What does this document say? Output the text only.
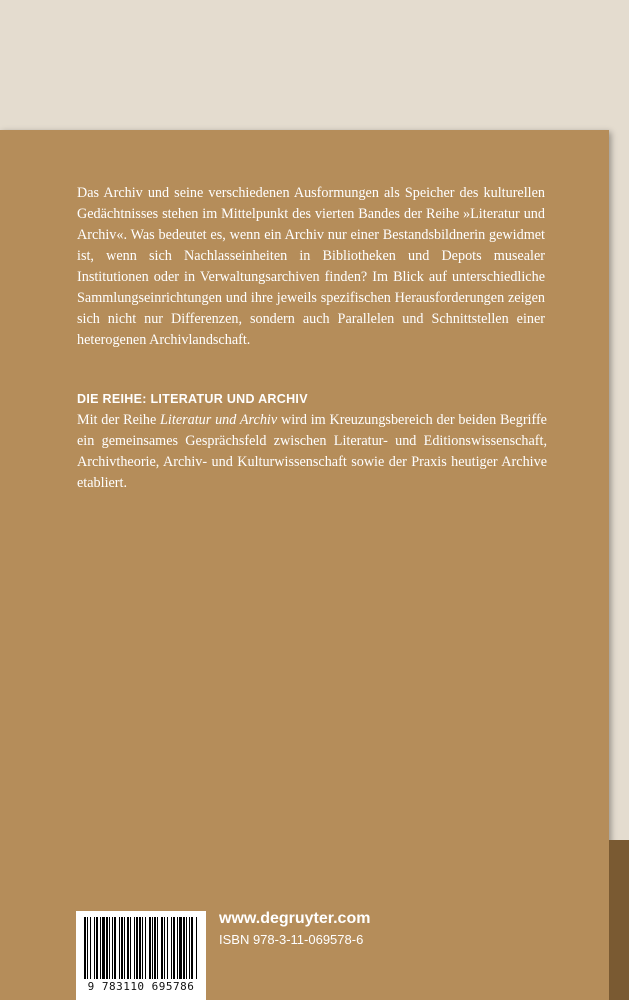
Das Archiv und seine verschiedenen Ausformungen als Speicher des kulturellen Gedächtnisses stehen im Mittelpunkt des vierten Bandes der Reihe »Literatur und Archiv«. Was bedeutet es, wenn ein Archiv nur einer Bestandsbildnerin gewidmet ist, wenn sich Nachlasseinheiten in Bibliotheken und Depots musealer Institutionen oder in Verwaltungsarchiven finden? Im Blick auf unterschiedliche Sammlungseinrichtungen und ihre jeweils spezifischen Herausforderungen zeigen sich nicht nur Differenzen, sondern auch Parallelen und Schnittstellen einer heterogenen Archivlandschaft.

DIE REIHE: LITERATUR UND ARCHIV

Mit der Reihe Literatur und Archiv wird im Kreuzungsbereich der beiden Begriffe ein gemeinsames Gesprächsfeld zwischen Literatur- und Editionswissenschaft, Archivtheorie, Archiv- und Kulturwissenschaft sowie der Praxis heutiger Archive etabliert.

9 783110 695786
www.degruyter.com
ISBN 978-3-11-069578-6
